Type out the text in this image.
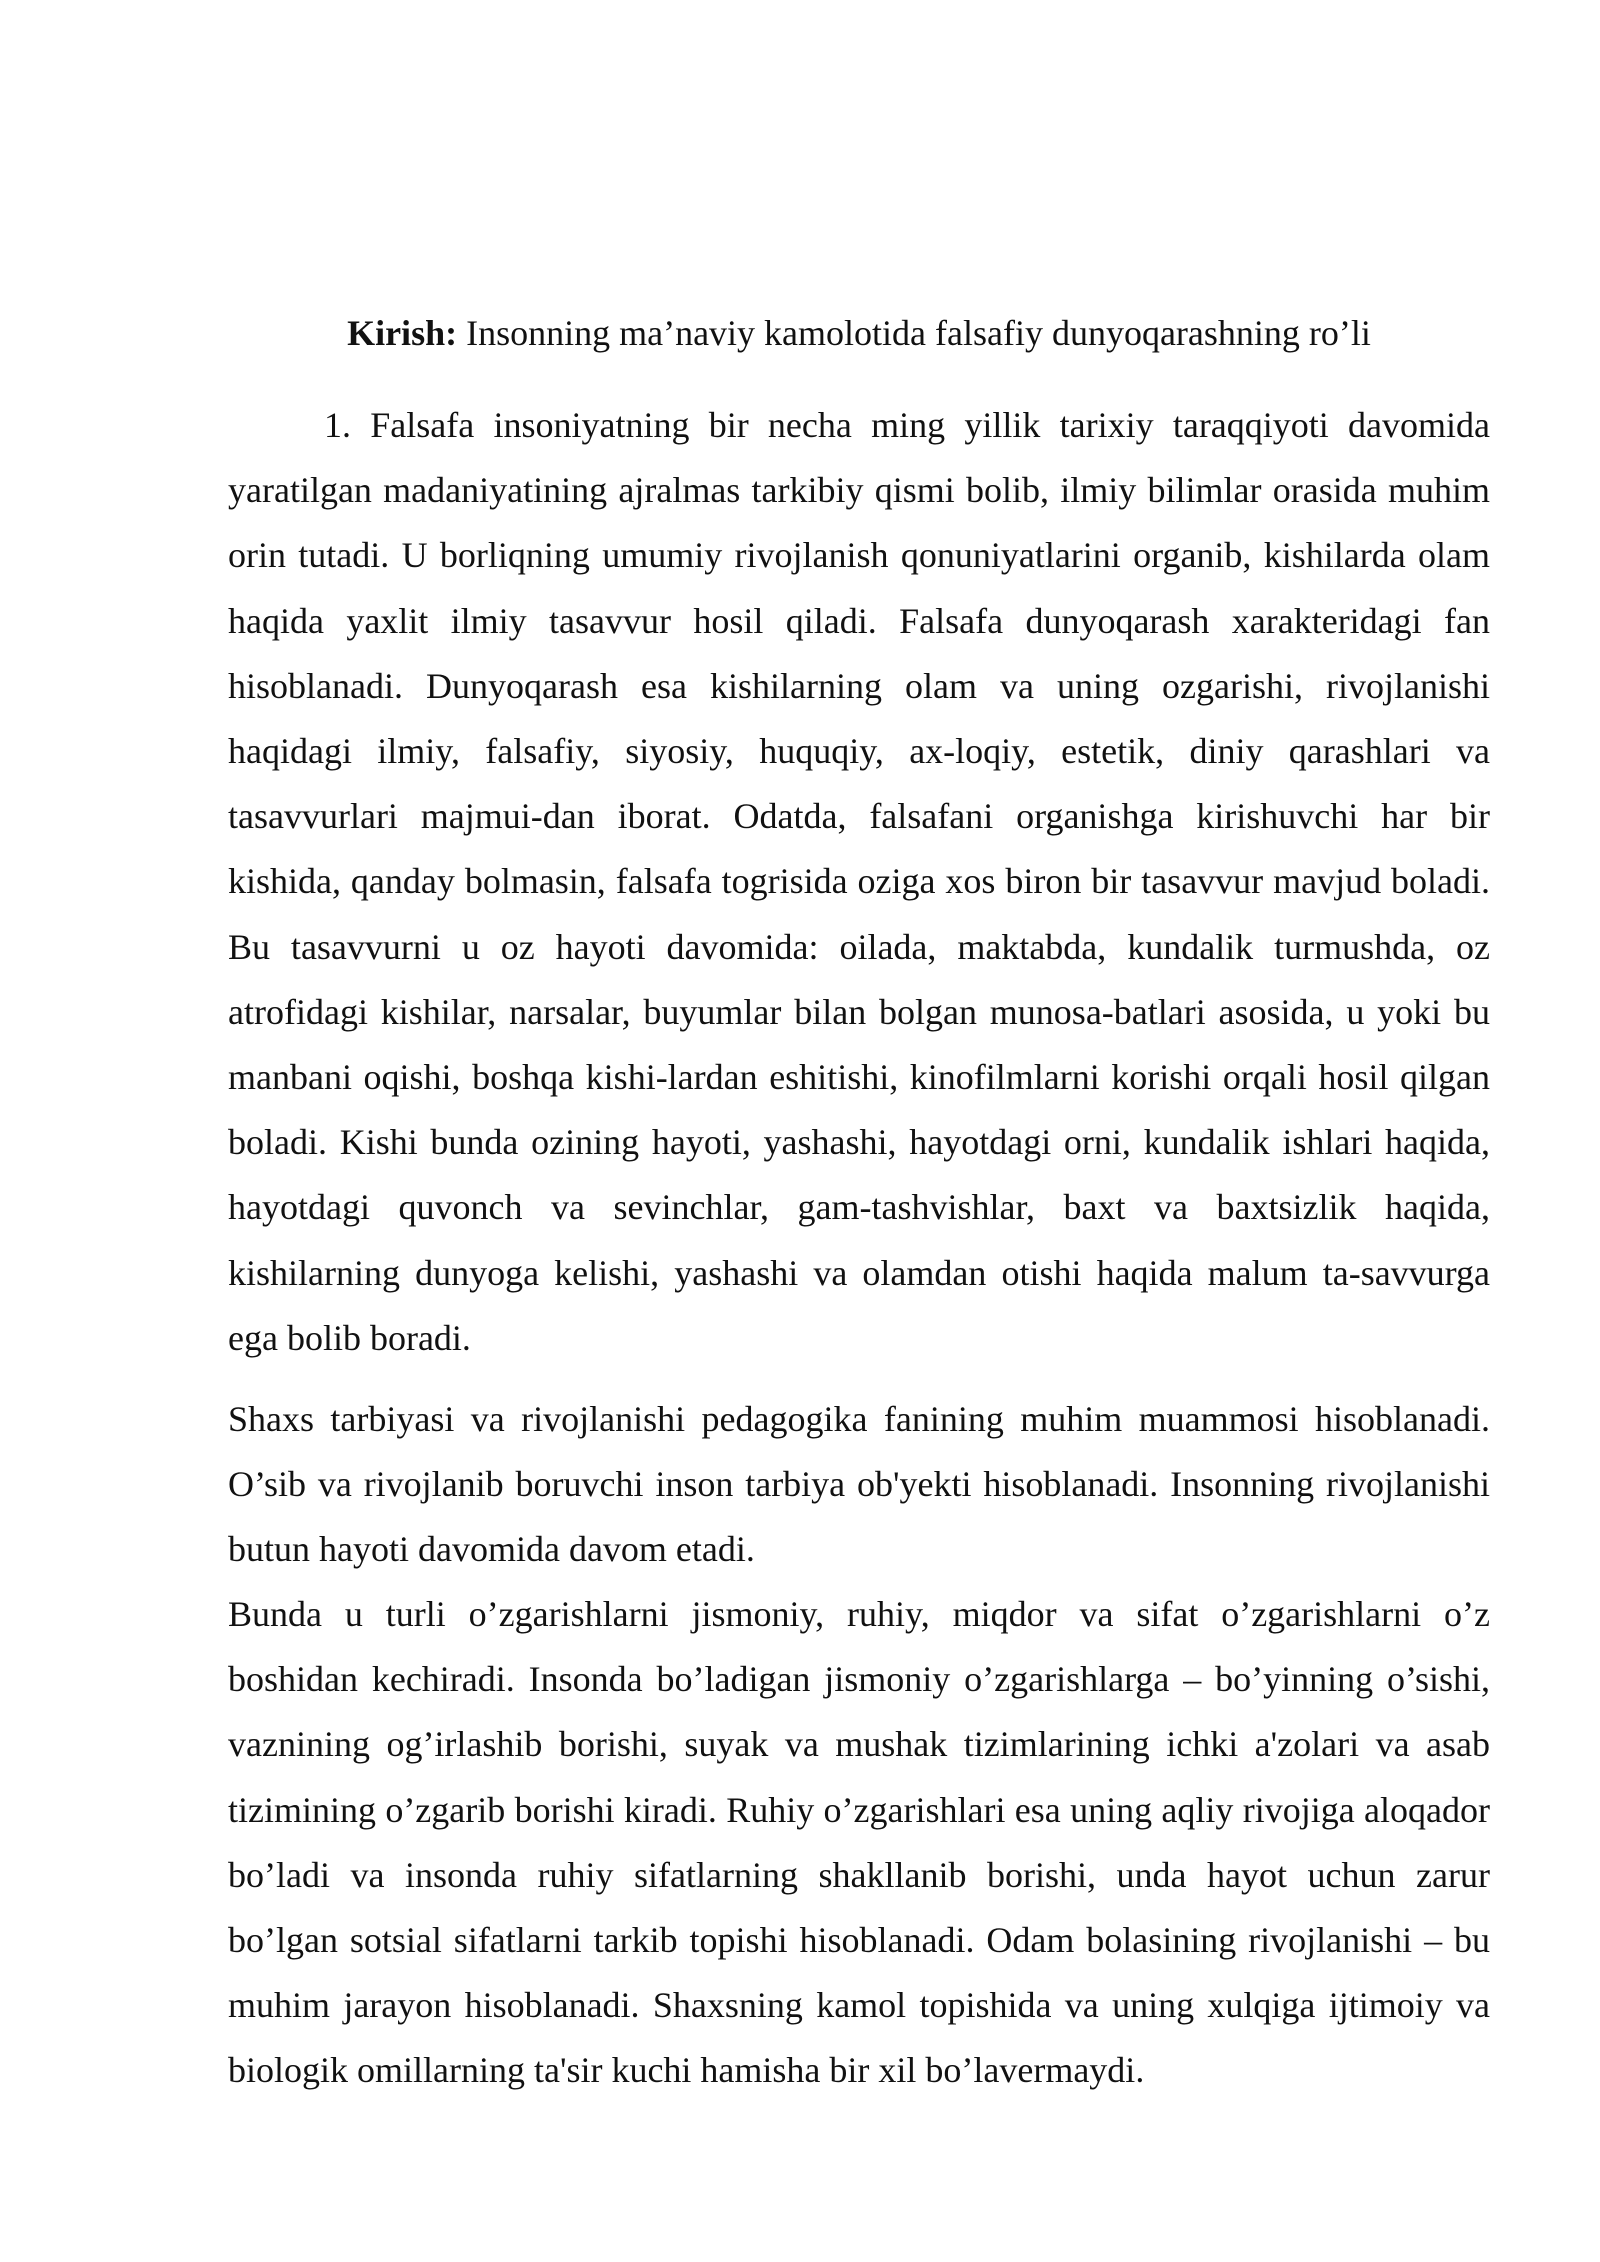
Kirish: Insonning ma’naviy kamolotida falsafiy dunyoqarashning ro’li

1. Falsafa insoniyatning bir necha ming yillik tarixiy taraqqiyoti davomida yaratilgan madaniyatining ajralmas tarkibiy qismi bolib, ilmiy bilimlar orasida muhim orin tutadi. U borliqning umumiy rivojlanish qonuniyatlarini organib, kishilarda olam haqida yaxlit ilmiy tasavvur hosil qiladi. Falsafa dunyoqarash xarakteridagi fan hisoblanadi. Dunyoqarash esa kishilarning olam va uning ozgarishi, rivojlanishi haqidagi ilmiy, falsafiy, siyosiy, huquqiy, ax-loqiy, estetik, diniy qarashlari va tasavvurlari majmui-dan iborat. Odatda, falsafani organishga kirishuvchi har bir kishida, qanday bolmasin, falsafa togrisida oziga xos biron bir tasavvur mavjud boladi. Bu tasavvurni u oz hayoti davomida: oilada, maktabda, kundalik turmushda, oz atrofidagi kishilar, narsalar, buyumlar bilan bolgan munosa-batlari asosida, u yoki bu manbani oqishi, boshqa kishi-lardan eshitishi, kinofilmlarni korishi orqali hosil qilgan boladi. Kishi bunda ozining hayoti, yashashi, hayotdagi orni, kundalik ishlari haqida, hayotdagi quvonch va sevinchlar, gam-tashvishlar, baxt va baxtsizlik haqida, kishilarning dunyoga kelishi, yashashi va olamdan otishi haqida malum ta-savvurga ega bolib boradi.

Shaxs tarbiyasi va rivojlanishi pedagogika fanining muhim muammosi hisoblanadi. O’sib va rivojlanib boruvchi inson tarbiya ob'yekti hisoblanadi. Insonning rivojlanishi butun hayoti davomida davom etadi.

Bunda u turli o’zgarishlarni jismoniy, ruhiy, miqdor va sifat o’zgarishlarni o’z boshidan kechiradi. Insonda bo’ladigan jismoniy o’zgarishlarga – bo’yinning o’sishi, vaznining og’irlashib borishi, suyak va mushak tizimlarining ichki a'zolari va asab tizimining o’zgarib borishi kiradi. Ruhiy o’zgarishlari esa uning aqliy rivojiga aloqador bo’ladi va insonda ruhiy sifatlarning shakllanib borishi, unda hayot uchun zarur bo’lgan sotsial sifatlarni tarkib topishi hisoblanadi. Odam bolasining rivojlanishi – bu muhim jarayon hisoblanadi. Shaxsning kamol topishida va uning xulqiga ijtimoiy va biologik omillarning ta'sir kuchi hamisha bir xil bo’lavermaydi.
